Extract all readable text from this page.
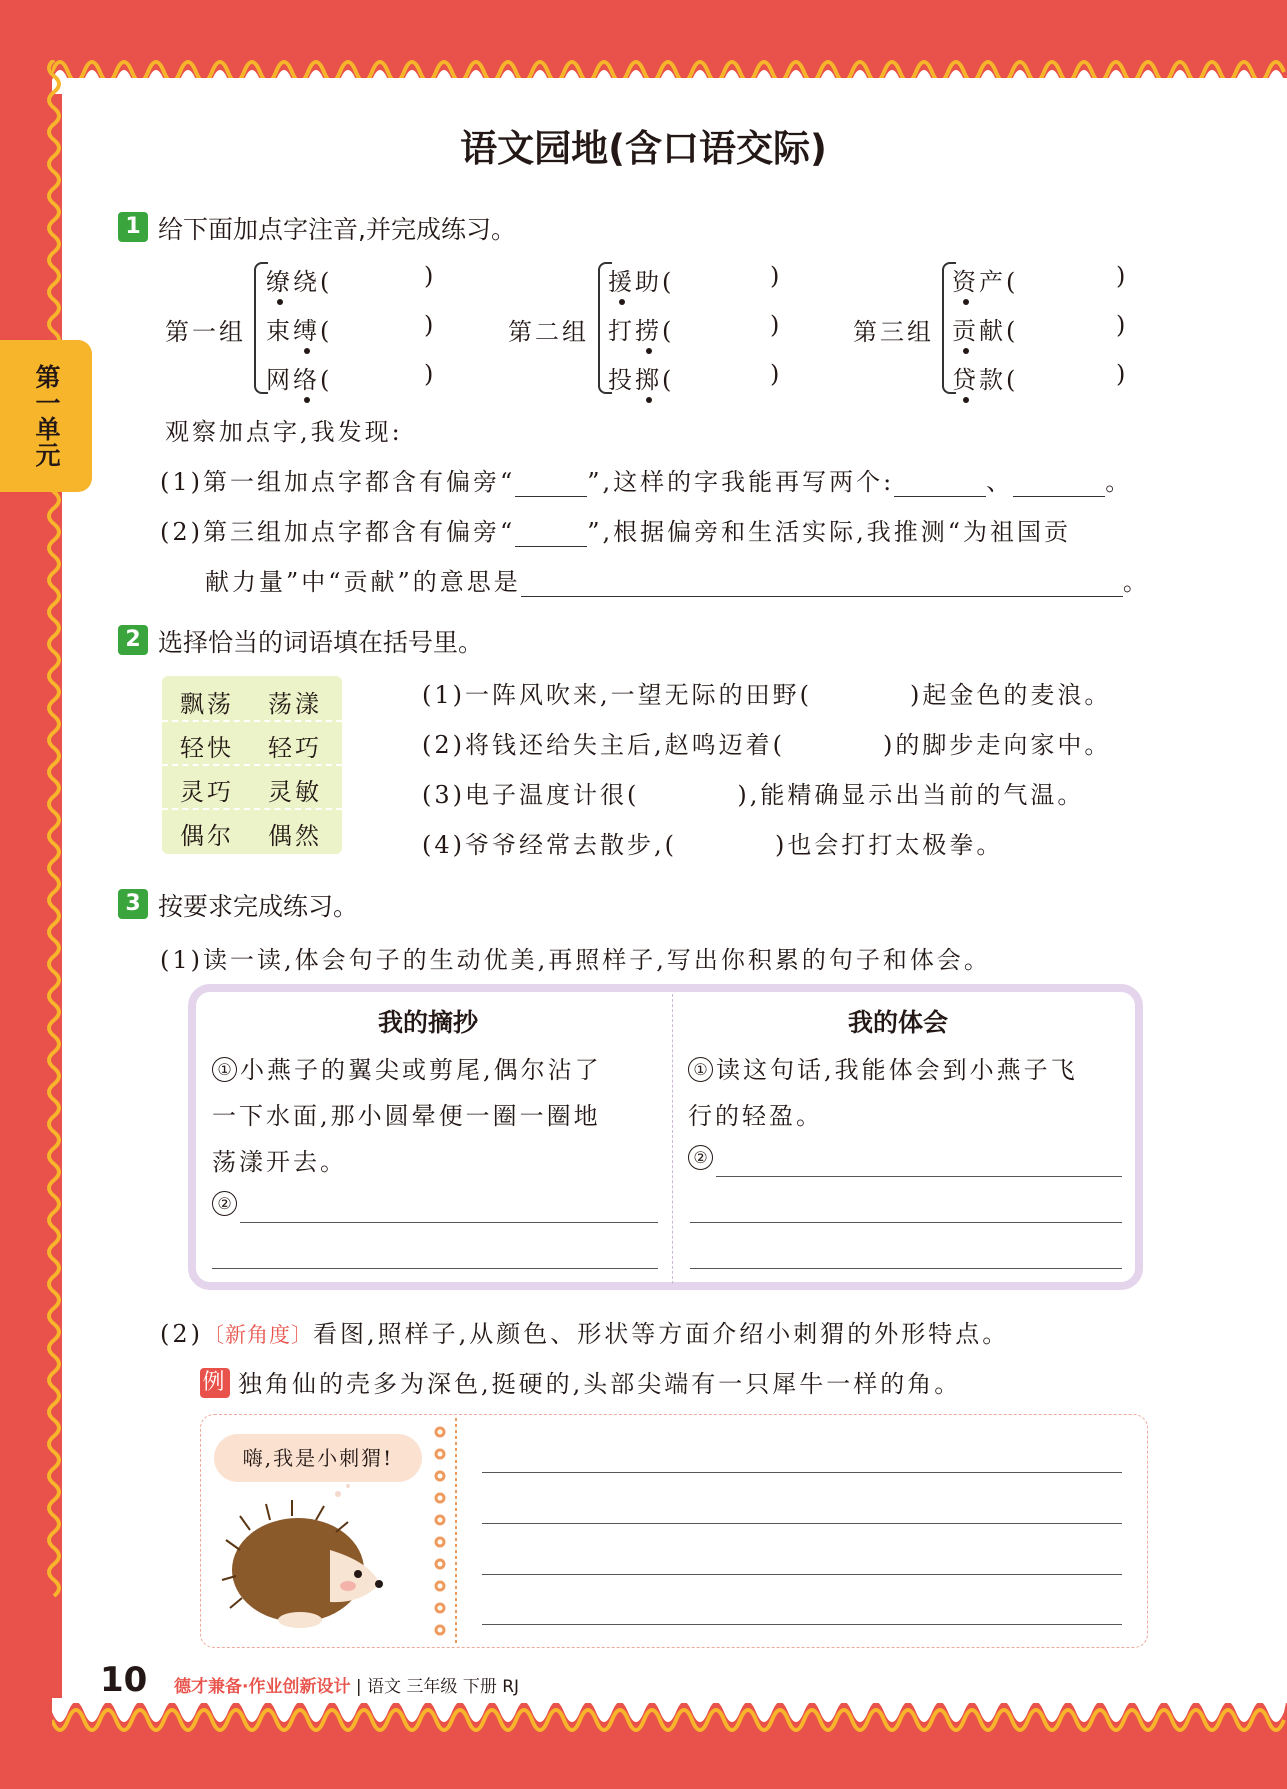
第一单元
语文园地(含口语交际)
1 给下面加点字注音,并完成练习。
第一组
缭绕(	)
束缚(	)
网络(	)
第二组
援助(	)
打捞(	)
投掷(	)
第三组
资产(	)
贡献(	)
贷款(	)
观察加点字,我发现:
(1)第一组加点字都含有偏旁“	”,这样的字我能再写两个:	、	。
(2)第三组加点字都含有偏旁“	”,根据偏旁和生活实际,我推测“为祖国贡
献力量”中“贡献”的意思是	。
2 选择恰当的词语填在括号里。
飘荡 荡漾
轻快 轻巧
灵巧 灵敏
偶尔 偶然
(1)一阵风吹来,一望无际的田野(	)起金色的麦浪。
(2)将钱还给失主后,赵鸣迈着(	)的脚步走向家中。
(3)电子温度计很(	),能精确显示出当前的气温。
(4)爷爷经常去散步,(	)也会打打太极拳。
3 按要求完成练习。
(1)读一读,体会句子的生动优美,再照样子,写出你积累的句子和体会。
我的摘抄	我的体会
① 小燕子的翼尖或剪尾,偶尔沾了
一下水面,那小圆晕便一圈一圈地
荡漾开去。
②
① 读这句话,我能体会到小燕子飞
行的轻盈。
②
(2)〔新角度〕看图,照样子,从颜色、形状等方面介绍小刺猬的外形特点。
例 独角仙的壳多为深色,挺硬的,头部尖端有一只犀牛一样的角。
嗨,我是小刺猬!
10 德才兼备·作业创新设计 | 语文 三年级 下册 RJ
